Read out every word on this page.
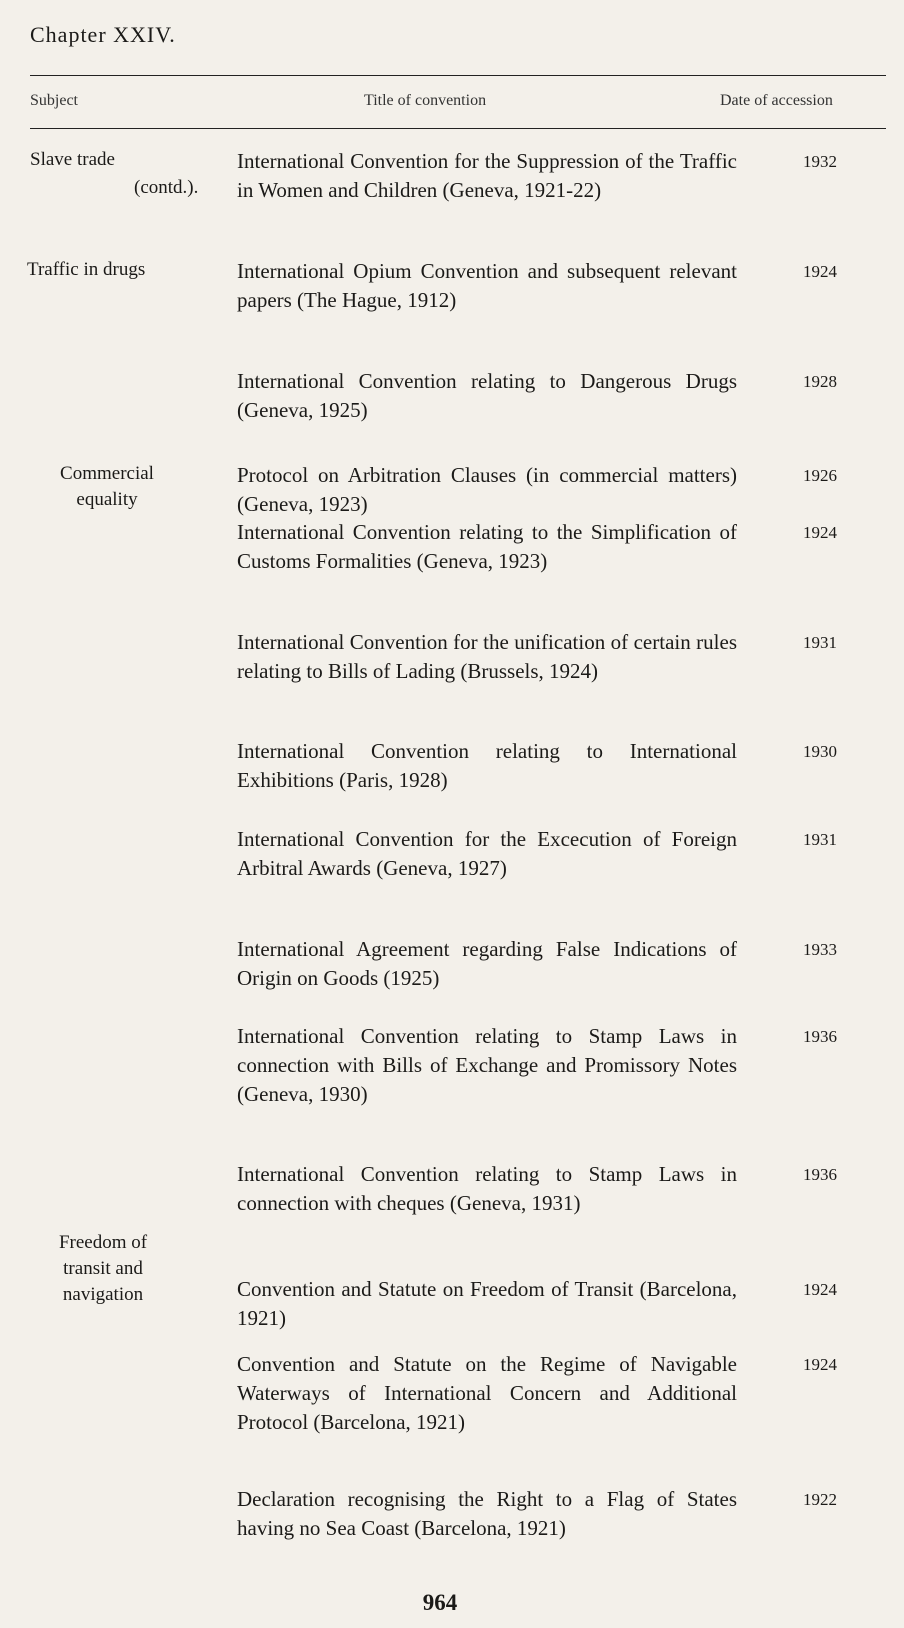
Chapter XXIV.
Subject	Title of convention	Date of accession
Slave trade
(contd.).
Traffic in drugs
Commercial
equality
Freedom of
transit and
navigation
International Convention for the Suppression of the Traffic in Women and Children (Geneva, 1921-22)
1932
International Opium Convention and subsequent relevant papers (The Hague, 1912)
1924
International Convention relating to Dangerous Drugs (Geneva, 1925)
1928
Protocol on Arbitration Clauses (in commercial matters) (Geneva, 1923)
1926
International Convention relating to the Simplification of Customs Formalities (Geneva, 1923)
1924
International Convention for the unification of certain rules relating to Bills of Lading (Brussels, 1924)
1931
International Convention relating to International Exhibitions (Paris, 1928)
1930
International Convention for the Excecution of Foreign Arbitral Awards (Geneva, 1927)
1931
International Agreement regarding False Indications of Origin on Goods (1925)
1933
International Convention relating to Stamp Laws in connection with Bills of Exchange and Promissory Notes (Geneva, 1930)
1936
International Convention relating to Stamp Laws in connection with cheques (Geneva, 1931)
1936
Convention and Statute on Freedom of Transit (Barcelona, 1921)
1924
Convention and Statute on the Regime of Navigable Waterways of International Concern and Additional Protocol (Barcelona, 1921)
1924
Declaration recognising the Right to a Flag of States having no Sea Coast (Barcelona, 1921)
1922
964
